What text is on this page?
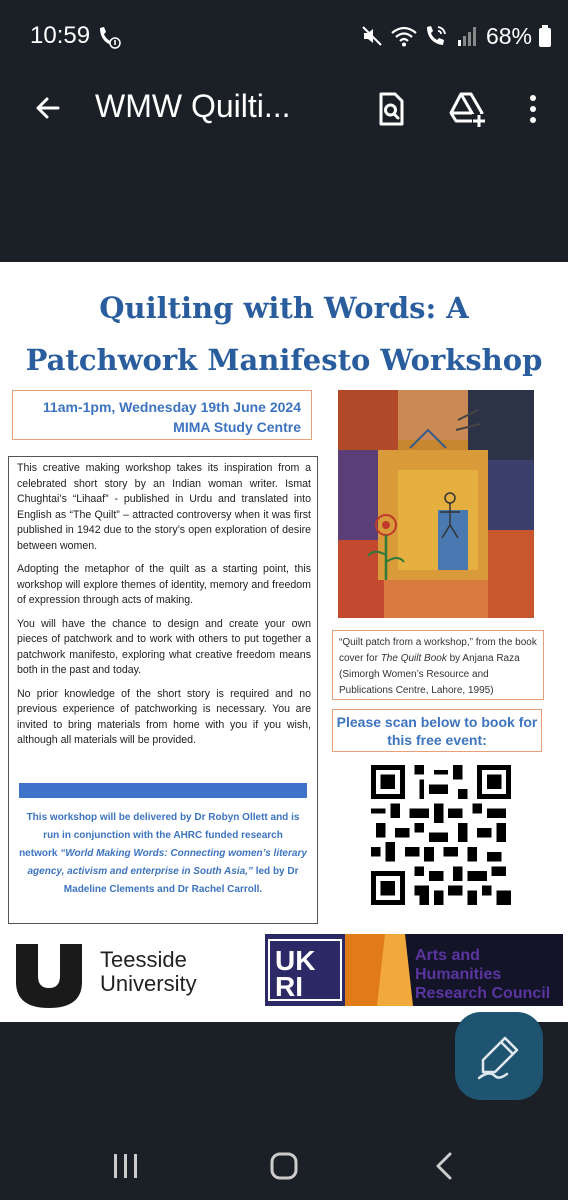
10:59	68%
WMW Quilti...
Quilting with Words: A
Patchwork Manifesto Workshop
11am-1pm, Wednesday 19th June 2024
MIMA Study Centre

This creative making workshop takes its inspiration from a celebrated short story by an Indian woman writer. Ismat Chughtai’s “Lihaaf” - published in Urdu and translated into English as “The Quilt” – attracted controversy when it was first published in 1942 due to the story’s open exploration of desire between women.

Adopting the metaphor of the quilt as a starting point, this workshop will explore themes of identity, memory and freedom of expression through acts of making.

You will have the chance to design and create your own pieces of patchwork and to work with others to put together a patchwork manifesto, exploring what creative freedom means both in the past and today.

No prior knowledge of the short story is required and no previous experience of patchworking is necessary. You are invited to bring materials from home with you if you wish, although all materials will be provided.

This workshop will be delivered by Dr Robyn Ollett and is
run in conjunction with the AHRC funded research
network “World Making Words: Connecting women’s literary agency, activism and enterprise in South Asia,” led by Dr Madeline Clements and Dr Rachel Carroll.
“Quilt patch from a workshop,” from the book cover for The Quilt Book by Anjana Raza (Simorgh Women’s Resource and Publications Centre, Lahore, 1995)
Please scan below to book for
this free event:
Teesside
University
UK
RI
Arts and
Humanities
Research Council
